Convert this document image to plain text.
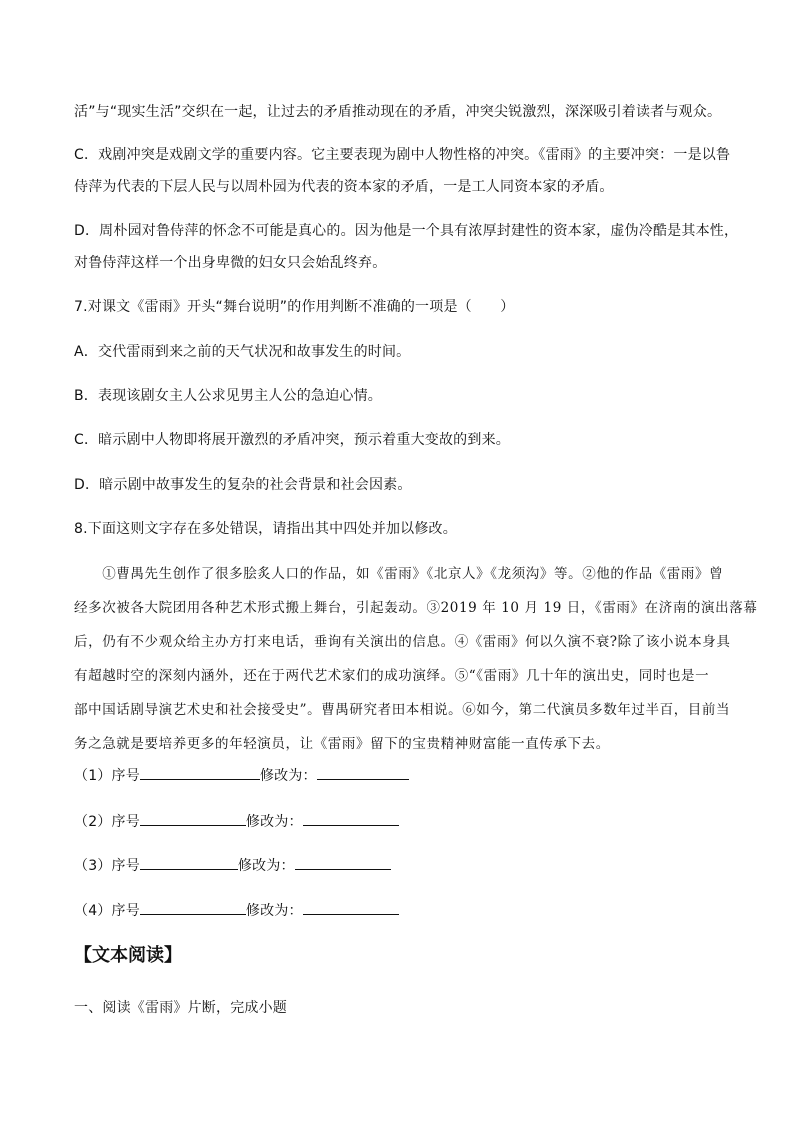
活”与“现实生活”交织在一起，让过去的矛盾推动现在的矛盾，冲突尖锐激烈，深深吸引着读者与观众。
C．戏剧冲突是戏剧文学的重要内容。它主要表现为剧中人物性格的冲突。《雷雨》的主要冲突：一是以鲁
侍萍为代表的下层人民与以周朴园为代表的资本家的矛盾，一是工人同资本家的矛盾。
D．周朴园对鲁侍萍的怀念不可能是真心的。因为他是一个具有浓厚封建性的资本家，虚伪冷酷是其本性，
对鲁侍萍这样一个出身卑微的妇女只会始乱终弃。
7.对课文《雷雨》开头“舞台说明”的作用判断不准确的一项是（　　）
A．交代雷雨到来之前的天气状况和故事发生的时间。
B．表现该剧女主人公求见男主人公的急迫心情。
C．暗示剧中人物即将展开激烈的矛盾冲突，预示着重大变故的到来。
D．暗示剧中故事发生的复杂的社会背景和社会因素。
8.下面这则文字存在多处错误，请指出其中四处并加以修改。
　　①曹禺先生创作了很多脍炙人口的作品，如《雷雨》《北京人》《龙须沟》等。②他的作品《雷雨》曾
经多次被各大院团用各种艺术形式搬上舞台，引起轰动。③2019 年 10 月 19 日，《雷雨》在济南的演出落幕
后，仍有不少观众给主办方打来电话，垂询有关演出的信息。④《雷雨》何以久演不衰?除了该小说本身具
有超越时空的深刻内涵外，还在于两代艺术家们的成功演绎。⑤“《雷雨》几十年的演出史，同时也是一
部中国话剧导演艺术史和社会接受史”。曹禺研究者田本相说。⑥如今，第二代演员多数年过半百，目前当
务之急就是要培养更多的年轻演员，让《雷雨》留下的宝贵精神财富能一直传承下去。
（1）序号	修改为：
（2）序号	修改为：
（3）序号	修改为：
（4）序号	修改为：
【文本阅读】
一、阅读《雷雨》片断，完成小题
